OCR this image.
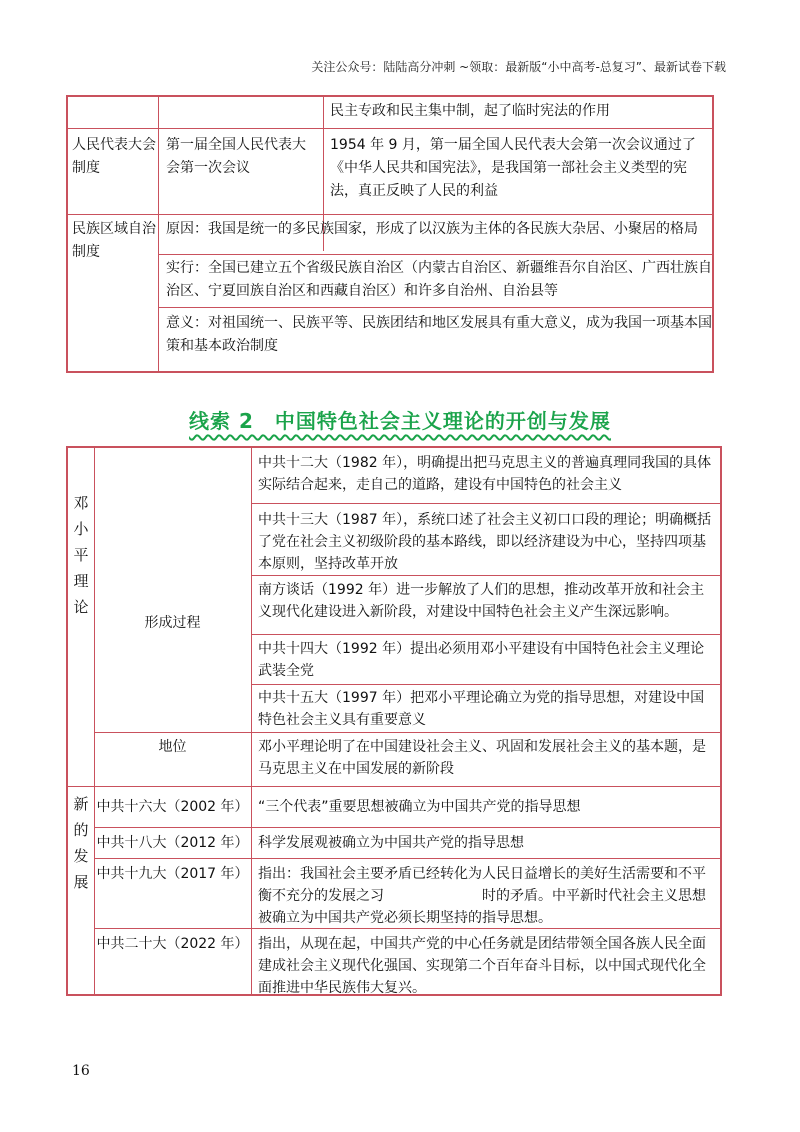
关注公众号：陆陆高分冲刺 ~领取：最新版“小中高考-总复习”、最新试卷下载
民主专政和民主集中制，起了临时宪法的作用
人民代表大会制度
第一届全国人民代表大会第一次会议
1954 年 9 月，第一届全国人民代表大会第一次会议通过了《中华人民共和国宪法》，是我国第一部社会主义类型的宪法，真正反映了人民的利益
民族区域自治制度
原因：我国是统一的多民族国家，形成了以汉族为主体的各民族大杂居、小聚居的格局
实行：全国已建立五个省级民族自治区（内蒙古自治区、新疆维吾尔自治区、广西壮族自治区、宁夏回族自治区和西藏自治区）和许多自治州、自治县等
意义：对祖国统一、民族平等、民族团结和地区发展具有重大意义，成为我国一项基本国策和基本政治制度
线索 2　中国特色社会主义理论的开创与发展
邓小平理论
形成过程
中共十二大（1982 年），明确提出把马克思主义的普遍真理同我国的具体实际结合起来，走自己的道路，建设有中国特色的社会主义
中共十三大（1987 年），系统口述了社会主义初口口段的理论；明确概括了党在社会主义初级阶段的基本路线，即以经济建设为中心，坚持四项基本原则，坚持改革开放
南方谈话（1992 年）进一步解放了人们的思想，推动改革开放和社会主义现代化建设进入新阶段，对建设中国特色社会主义产生深远影响。
中共十四大（1992 年）提出必须用邓小平建设有中国特色社会主义理论武装全党
中共十五大（1997 年）把邓小平理论确立为党的指导思想，对建设中国特色社会主义具有重要意义
地位	邓小平理论明了在中国建设社会主义、巩固和发展社会主义的基本题，是马克思主义在中国发展的新阶段
新的发展
中共十六大（2002 年） “三个代表”重要思想被确立为中国共产党的指导思想
中共十八大（2012 年） 科学发展观被确立为中国共产党的指导思想
中共十九大（2017 年） 指出：我国社会主要矛盾已经转化为人民日益增长的美好生活需要和不平衡不充分的发展之习　　　　　　　时的矛盾。中平新时代社会主义思想被确立为中国共产党必须长期坚持的指导思想。
中共二十大（2022 年） 指出，从现在起，中国共产党的中心任务就是团结带领全国各族人民全面建成社会主义现代化强国、实现第二个百年奋斗目标，以中国式现代化全面推进中华民族伟大复兴。
16
